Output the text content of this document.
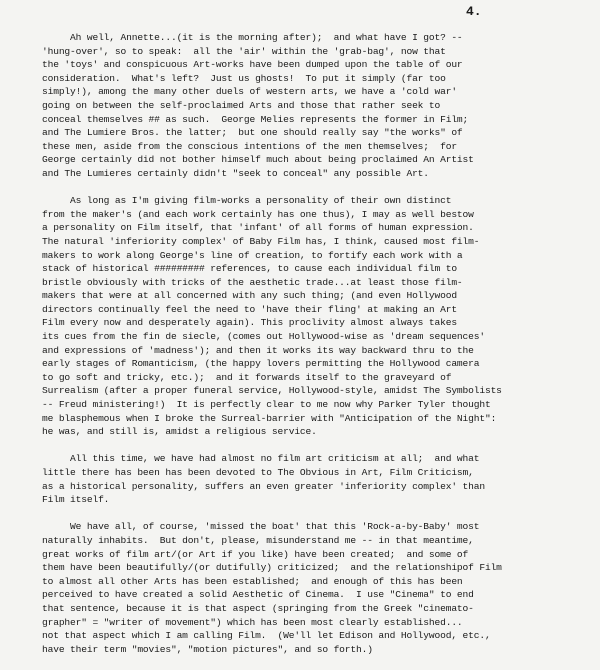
4.
Ah well, Annette...(it is the morning after);  and what have I got? --
'hung-over', so to speak:  all the 'air' within the 'grab-bag', now that
the 'toys' and conspicuous Art-works have been dumped upon the table of our
consideration.  What's left?  Just us ghosts!  To put it simply (far too
simply!), among the many other duels of western arts, we have a 'cold war'
going on between the self-proclaimed Arts and those that rather seek to
conceal themselves ## as such.  George Melies represents the former in Film;
and The Lumiere Bros. the latter;  but one should really say "the works" of
these men, aside from the conscious intentions of the men themselves;  for
George certainly did not bother himself much about being proclaimed An Artist
and The Lumieres certainly didn't "seek to conceal" any possible Art.
As long as I'm giving film-works a personality of their own distinct
from the maker's (and each work certainly has one thus), I may as well bestow
a personality on Film itself, that 'infant' of all forms of human expression.
The natural 'inferiority complex' of Baby Film has, I think, caused most film-
makers to work along George's line of creation, to fortify each work with a
stack of historical ######### references, to cause each individual film to
bristle obviously with tricks of the aesthetic trade...at least those film-
makers that were at all concerned with any such thing; (and even Hollywood
directors continually feel the need to 'have their fling' at making an Art
Film every now and desperately again). This proclivity almost always takes
its cues from the fin de siecle, (comes out Hollywood-wise as 'dream sequences'
and expressions of 'madness'); and then it works its way backward thru to the
early stages of Romanticism, (the happy lovers permitting the Hollywood camera
to go soft and tricky, etc.);  and it forwards itself to the graveyard of
Surrealism (after a proper funeral service, Hollywood-style, amidst The Symbolists
-- Freud ministering!)  It is perfectly clear to me now why Parker Tyler thought
me blasphemous when I broke the Surreal-barrier with "Anticipation of the Night":
he was, and still is, amidst a religious service.
All this time, we have had almost no film art criticism at all;  and what
little there has been has been devoted to The Obvious in Art, Film Criticism,
as a historical personality, suffers an even greater 'inferiority complex' than
Film itself.
We have all, of course, 'missed the boat' that this 'Rock-a-by-Baby' most
naturally inhabits.  But don't, please, misunderstand me -- in that meantime,
great works of film art/(or Art if you like) have been created;  and some of
them have been beautifully/(or dutifully) criticized;  and the relationshipof Film
to almost all other Arts has been established;  and enough of this has been
perceived to have created a solid Aesthetic of Cinema.  I use "Cinema" to end
that sentence, because it is that aspect (springing from the Greek "cinemato-
grapher" = "writer of movement") which has been most clearly established...
not that aspect which I am calling Film.  (We'll let Edison and Hollywood, etc.,
have their term "movies", "motion pictures", and so forth.)
